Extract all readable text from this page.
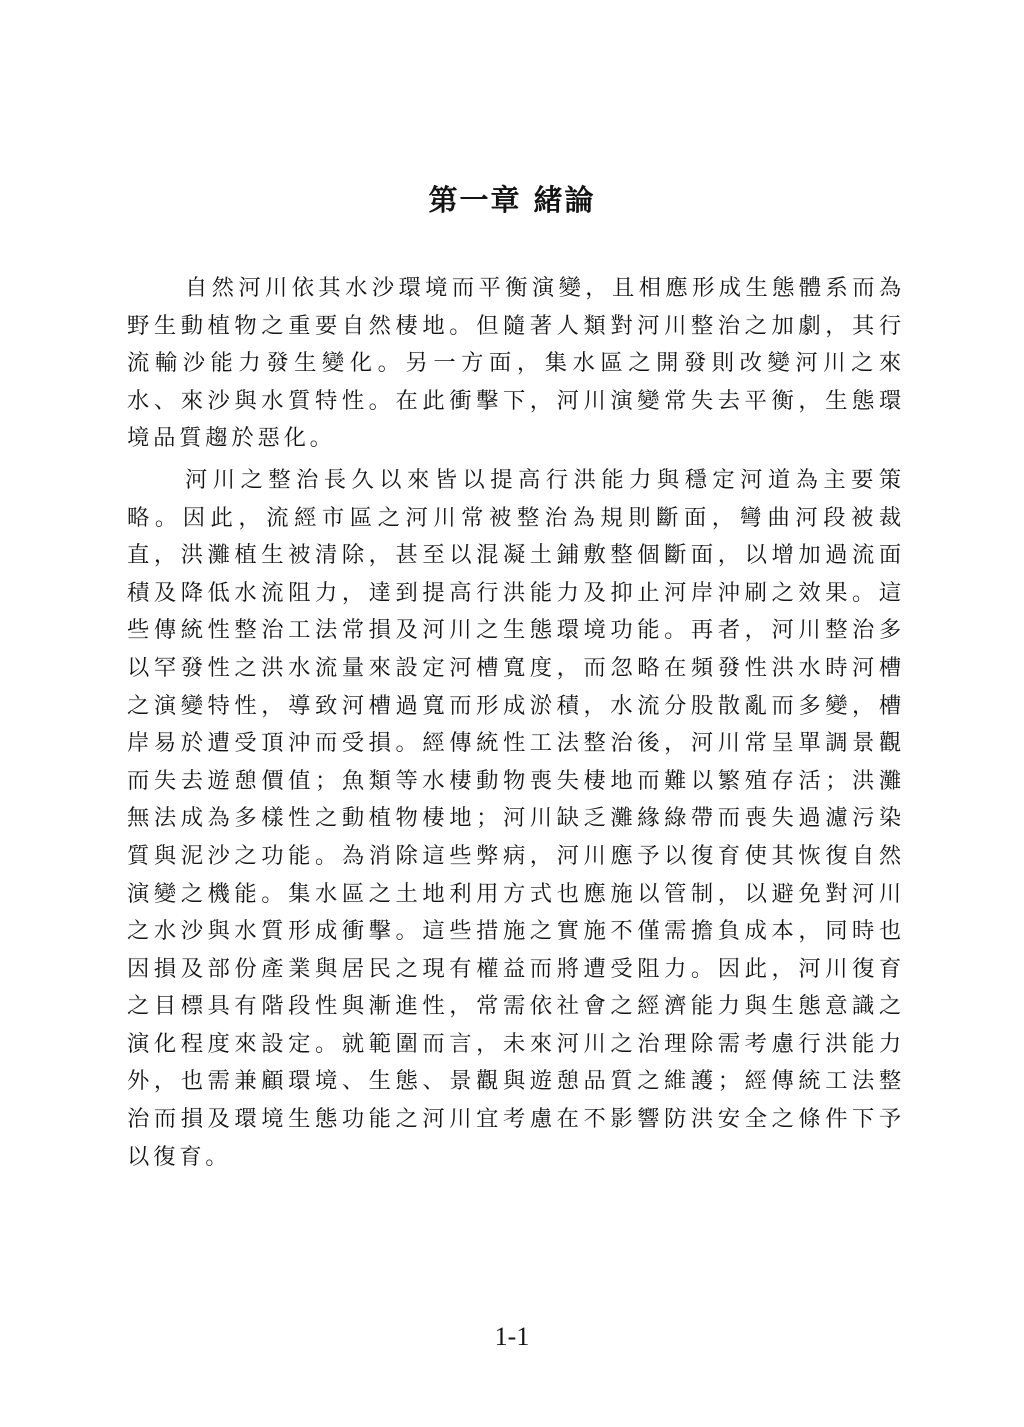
第一章 緒論

自然河川依其水沙環境而平衡演變，且相應形成生態體系而為野生動植物之重要自然棲地。但隨著人類對河川整治之加劇，其行流輸沙能力發生變化。另一方面，集水區之開發則改變河川之來水、來沙與水質特性。在此衝擊下，河川演變常失去平衡，生態環境品質趨於惡化。

河川之整治長久以來皆以提高行洪能力與穩定河道為主要策略。因此，流經市區之河川常被整治為規則斷面，彎曲河段被裁直，洪灘植生被清除，甚至以混凝土鋪敷整個斷面，以增加過流面積及降低水流阻力，達到提高行洪能力及抑止河岸沖刷之效果。這些傳統性整治工法常損及河川之生態環境功能。再者，河川整治多以罕發性之洪水流量來設定河槽寬度，而忽略在頻發性洪水時河槽之演變特性，導致河槽過寬而形成淤積，水流分股散亂而多變，槽岸易於遭受頂沖而受損。經傳統性工法整治後，河川常呈單調景觀而失去遊憩價值；魚類等水棲動物喪失棲地而難以繁殖存活；洪灘無法成為多樣性之動植物棲地；河川缺乏灘緣綠帶而喪失過濾污染質與泥沙之功能。為消除這些弊病，河川應予以復育使其恢復自然演變之機能。集水區之土地利用方式也應施以管制，以避免對河川之水沙與水質形成衝擊。這些措施之實施不僅需擔負成本，同時也因損及部份產業與居民之現有權益而將遭受阻力。因此，河川復育之目標具有階段性與漸進性，常需依社會之經濟能力與生態意識之演化程度來設定。就範圍而言，未來河川之治理除需考慮行洪能力外，也需兼顧環境、生態、景觀與遊憩品質之維護；經傳統工法整治而損及環境生態功能之河川宜考慮在不影響防洪安全之條件下予以復育。

1-1
